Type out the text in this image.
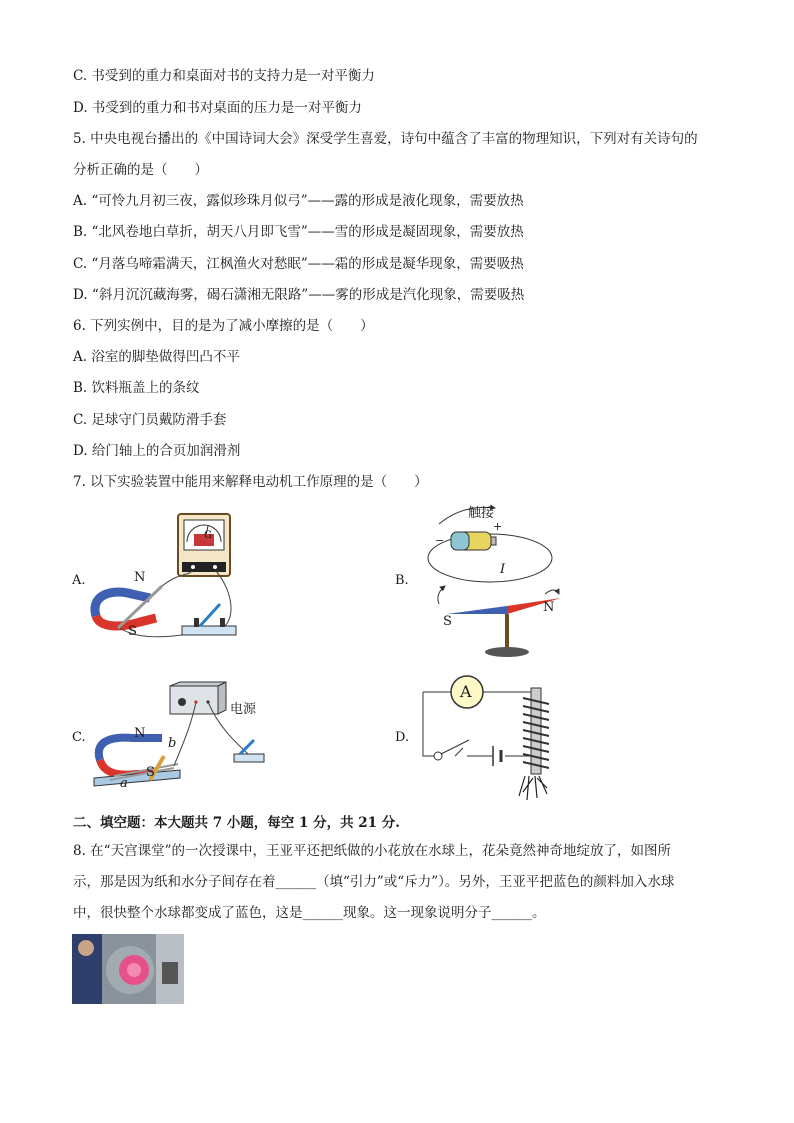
C. 书受到的重力和桌面对书的支持力是一对平衡力
D. 书受到的重力和书对桌面的压力是一对平衡力
5. 中央电视台播出的《中国诗词大会》深受学生喜爱，诗句中蕴含了丰富的物理知识，下列对有关诗句的
分析正确的是（　　）
A. “可怜九月初三夜，露似珍珠月似弓”——露的形成是液化现象，需要放热
B. “北风卷地白草折，胡天八月即飞雪”——雪的形成是凝固现象，需要放热
C. “月落乌啼霜满天，江枫渔火对愁眠”——霜的形成是凝华现象，需要吸热
D. “斜月沉沉藏海雾，碣石潇湘无限路”——雾的形成是汽化现象，需要吸热
6. 下列实例中，目的是为了减小摩擦的是（　　）
A. 浴室的脚垫做得凹凸不平
B. 饮料瓶盖上的条纹
C. 足球守门员戴防滑手套
D. 给门轴上的合页加润滑剂
7. 以下实验装置中能用来解释电动机工作原理的是（　　）
A.	N
S
G
B.
触接
+
−
I
N
S
C.
电源
N
S
b
a
D.
A
二、填空题：本大题共 7 小题，每空 1 分，共 21 分.
8. 在“天宫课堂”的一次授课中，王亚平还把纸做的小花放在水球上，花朵竟然神奇地绽放了，如图所
示，那是因为纸和水分子间存在着______（填“引力”或“斥力”）。另外，王亚平把蓝色的颜料加入水球
中，很快整个水球都变成了蓝色，这是______现象。这一现象说明分子______。
